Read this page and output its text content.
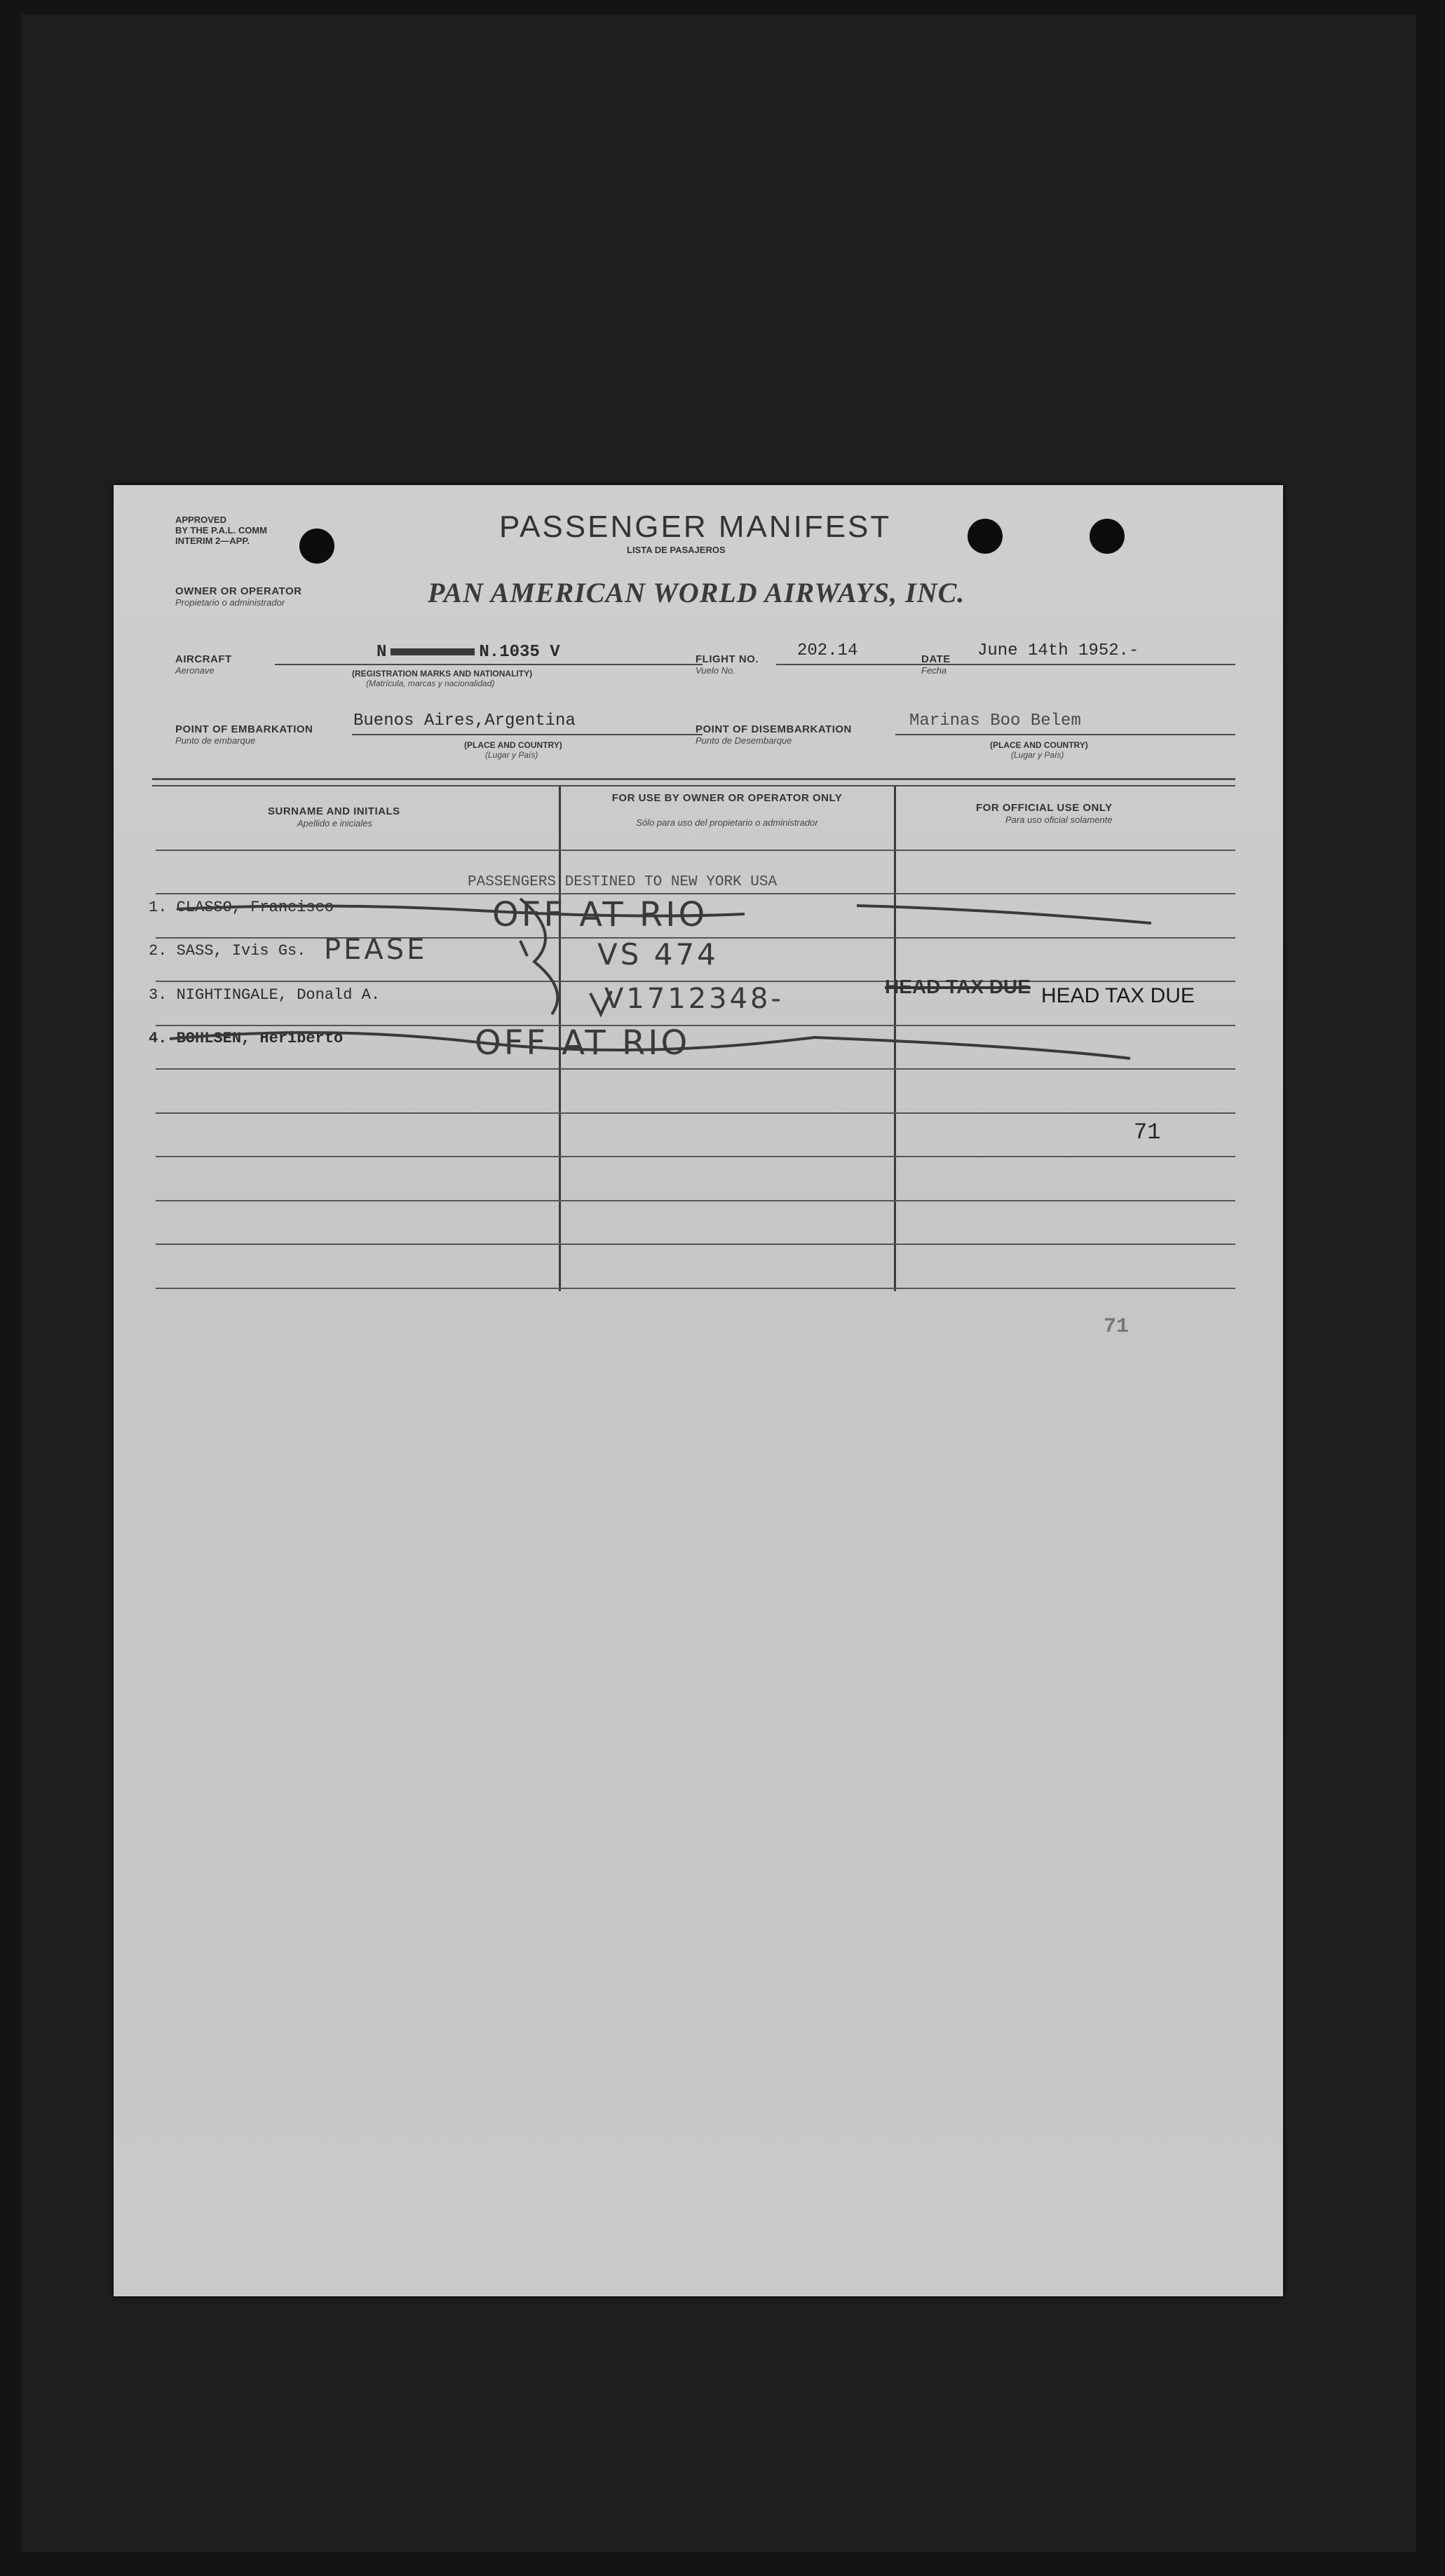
APPROVED
BY THE P.A.L. COMM
INTERIM 2—APP.	PASSENGER MANIFEST
LISTA DE PASAJEROS
OWNER OR OPERATOR
Propietario o administrador	PAN AMERICAN WORLD AIRWAYS, INC.
AIRCRAFT
Aeronave
N	N.1035 V
(REGISTRATION MARKS AND NATIONALITY)
(Matrícula, marcas y nacionalidad)
FLIGHT NO.
Vuelo No.
202.14	DATE
Fecha
June 14th 1952.-
POINT OF EMBARKATION
Punto de embarque
Buenos Aires,Argentina
(PLACE AND COUNTRY)
(Lugar y País)
POINT OF DISEMBARKATION
Punto de Desembarque
Marinas Boo Belem
(PLACE AND COUNTRY)
(Lugar y País)
SURNAME AND INITIALS
Apellido e iniciales
FOR USE BY OWNER OR OPERATOR ONLY
Sólo para uso del propietario o administrador
FOR OFFICIAL USE ONLY
Para uso oficial solamente
PASSENGERS DESTINED TO NEW YORK USA
1. CLASSO, Francisco	OFF AT RIO
2. SASS, Ivis Gs. PEASE	VS 474
3. NIGHTINGALE, Donald A.	V1712348-	HEAD TAX DUE HEAD TAX DUE
4. BOHLSEN, Heriberto	OFF AT RIO
71
71
